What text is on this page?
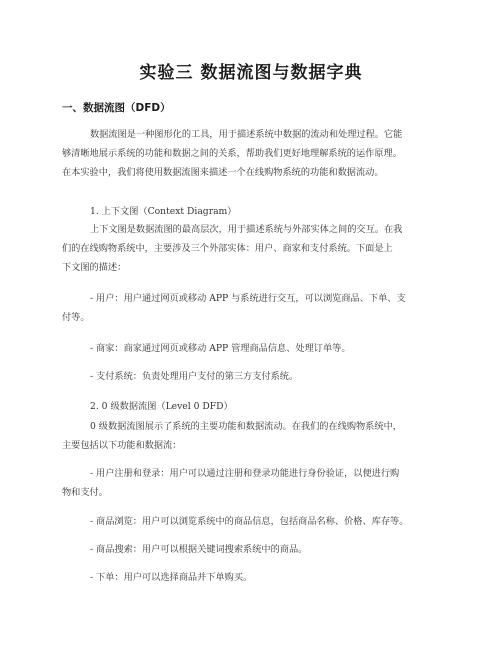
实验三 数据流图与数据字典
一、数据流图（DFD）
数据流图是一种图形化的工具，用于描述系统中数据的流动和处理过程。它能
够清晰地展示系统的功能和数据之间的关系，帮助我们更好地理解系统的运作原理。
在本实验中，我们将使用数据流图来描述一个在线购物系统的功能和数据流动。
1. 上下文图（Context Diagram）
上下文图是数据流图的最高层次，用于描述系统与外部实体之间的交互。在我
们的在线购物系统中，主要涉及三个外部实体：用户、商家和支付系统。下面是上
下文图的描述：
- 用户：用户通过网页或移动 APP 与系统进行交互，可以浏览商品、下单、支
付等。
- 商家：商家通过网页或移动 APP 管理商品信息、处理订单等。
- 支付系统：负责处理用户支付的第三方支付系统。
2. 0 级数据流图（Level 0 DFD）
0 级数据流图展示了系统的主要功能和数据流动。在我们的在线购物系统中，
主要包括以下功能和数据流：
- 用户注册和登录：用户可以通过注册和登录功能进行身份验证，以便进行购
物和支付。
- 商品浏览：用户可以浏览系统中的商品信息，包括商品名称、价格、库存等。
- 商品搜索：用户可以根据关键词搜索系统中的商品。
- 下单：用户可以选择商品并下单购买。
